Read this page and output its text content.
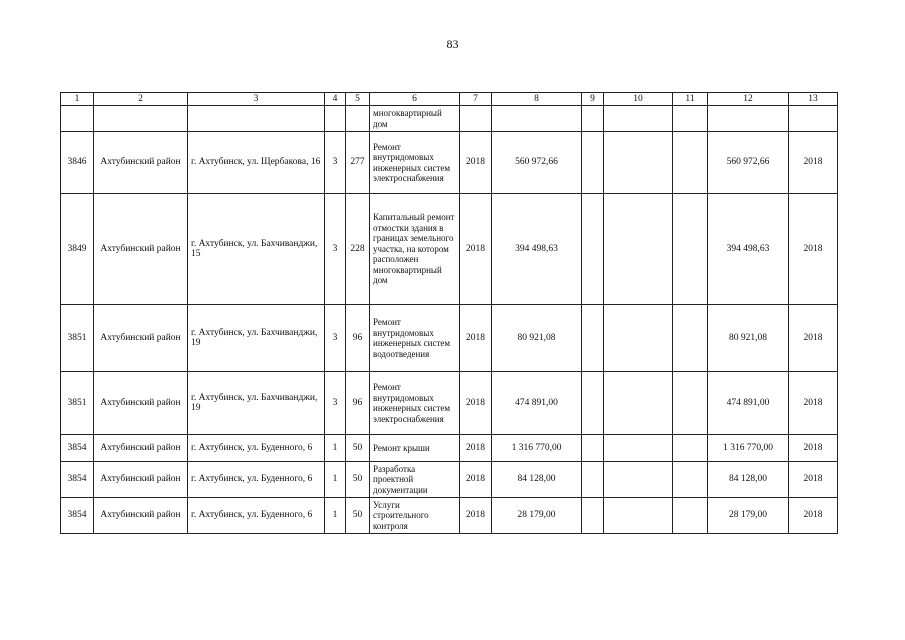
83
1	2	3	4	5	6	7	8	9	10	11	12	13
					многоквартирный дом							
3846	Ахтубинский район	г. Ахтубинск, ул. Щербакова, 16	3	277	Ремонт внутридомовых инженерных систем электроснабжения	2018	560 972,66				560 972,66	2018
3849	Ахтубинский район	г. Ахтубинск, ул. Бахчиванджи, 15	3	228	Капитальный ремонт отмостки здания в границах земельного участка, на котором расположен многоквартирный дом	2018	394 498,63				394 498,63	2018
3851	Ахтубинский район	г. Ахтубинск, ул. Бахчиванджи, 19	3	96	Ремонт внутридомовых инженерных систем водоотведения	2018	80 921,08				80 921,08	2018
3851	Ахтубинский район	г. Ахтубинск, ул. Бахчиванджи, 19	3	96	Ремонт внутридомовых инженерных систем электроснабжения	2018	474 891,00				474 891,00	2018
3854	Ахтубинский район	г. Ахтубинск, ул. Буденного, 6	1	50	Ремонт крыши	2018	1 316 770,00				1 316 770,00	2018
3854	Ахтубинский район	г. Ахтубинск, ул. Буденного, 6	1	50	Разработка проектной документации	2018	84 128,00				84 128,00	2018
3854	Ахтубинский район	г. Ахтубинск, ул. Буденного, 6	1	50	Услуги строительного контроля	2018	28 179,00				28 179,00	2018
